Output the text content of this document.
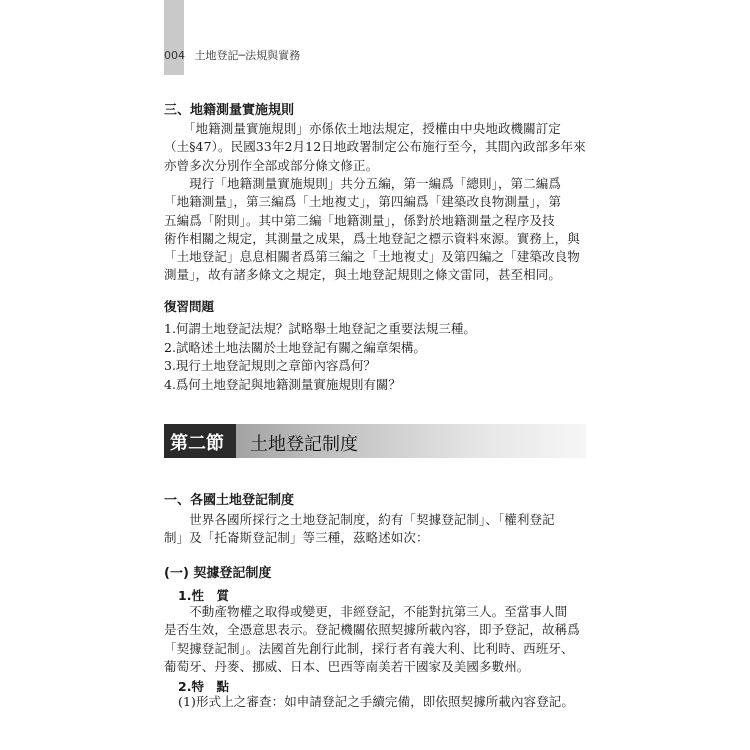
004 土地登記─法規與實務
三、地籍測量實施規則
　　「地籍測量實施規則」亦係依土地法規定，授權由中央地政機關訂定
（土§47）。民國33年2月12日地政署制定公布施行至今，其間內政部多年來
亦曾多次分別作全部或部分條文修正。
　　現行「地籍測量實施規則」共分五編，第一編爲「總則」，第二編爲
「地籍測量」，第三編爲「土地複丈」，第四編爲「建築改良物測量」，第
五編爲「附則」。其中第二編「地籍測量」，係對於地籍測量之程序及技
術作相關之規定，其測量之成果，爲土地登記之標示資料來源。實務上，與
「土地登記」息息相關者爲第三編之「土地複丈」及第四編之「建築改良物
測量」，故有諸多條文之規定，與土地登記規則之條文雷同，甚至相同。
復習問題
1.何謂土地登記法規？試略舉土地登記之重要法規三種。
2.試略述土地法關於土地登記有關之編章架構。
3.現行土地登記規則之章節內容爲何？
4.爲何土地登記與地籍測量實施規則有關？
第二節 土地登記制度
一、各國土地登記制度
　　世界各國所採行之土地登記制度，約有「契據登記制」、「權利登記
制」及「托崙斯登記制」等三種，茲略述如次：
(一) 契據登記制度
1.性　質
　　不動產物權之取得或變更，非經登記，不能對抗第三人。至當事人間
是否生效，全憑意思表示。登記機關依照契據所載內容，即予登記，故稱爲
「契據登記制」。法國首先創行此制，採行者有義大利、比利時、西班牙、
葡萄牙、丹麥、挪威、日本、巴西等南美若干國家及美國多數州。
2.特　點
(1)形式上之審查：如申請登記之手續完備，即依照契據所載內容登記。
